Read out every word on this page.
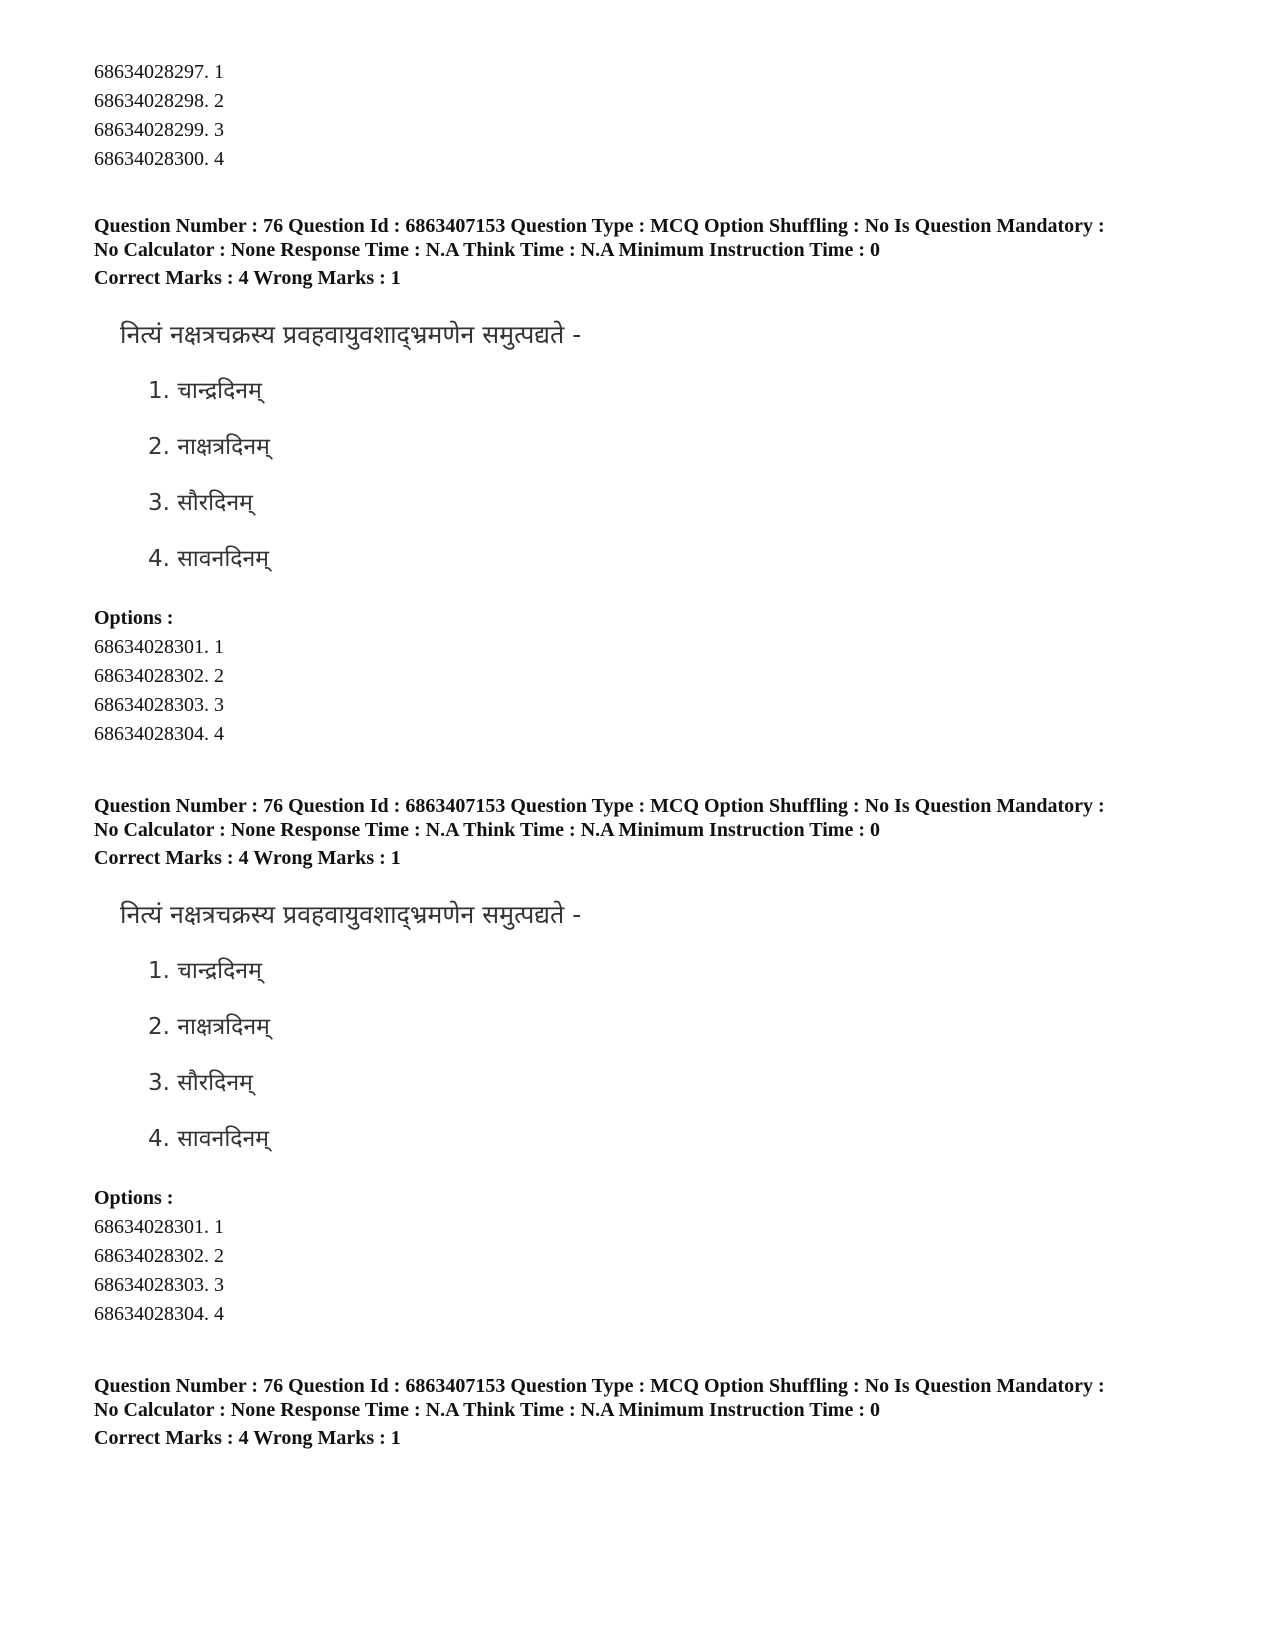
68634028297. 1
68634028298. 2
68634028299. 3
68634028300. 4
Question Number : 76 Question Id : 6863407153 Question Type : MCQ Option Shuffling : No Is Question Mandatory :
No Calculator : None Response Time : N.A Think Time : N.A Minimum Instruction Time : 0
Correct Marks : 4 Wrong Marks : 1
नित्यं नक्षत्रचक्रस्य प्रवहवायुवशाद्भ्रमणेन समुत्पद्यते -
1. चान्द्रदिनम्
2. नाक्षत्रदिनम्
3. सौरदिनम्
4. सावनदिनम्
Options :
68634028301. 1
68634028302. 2
68634028303. 3
68634028304. 4
Question Number : 76 Question Id : 6863407153 Question Type : MCQ Option Shuffling : No Is Question Mandatory :
No Calculator : None Response Time : N.A Think Time : N.A Minimum Instruction Time : 0
Correct Marks : 4 Wrong Marks : 1
नित्यं नक्षत्रचक्रस्य प्रवहवायुवशाद्भ्रमणेन समुत्पद्यते -
1. चान्द्रदिनम्
2. नाक्षत्रदिनम्
3. सौरदिनम्
4. सावनदिनम्
Options :
68634028301. 1
68634028302. 2
68634028303. 3
68634028304. 4
Question Number : 76 Question Id : 6863407153 Question Type : MCQ Option Shuffling : No Is Question Mandatory :
No Calculator : None Response Time : N.A Think Time : N.A Minimum Instruction Time : 0
Correct Marks : 4 Wrong Marks : 1
